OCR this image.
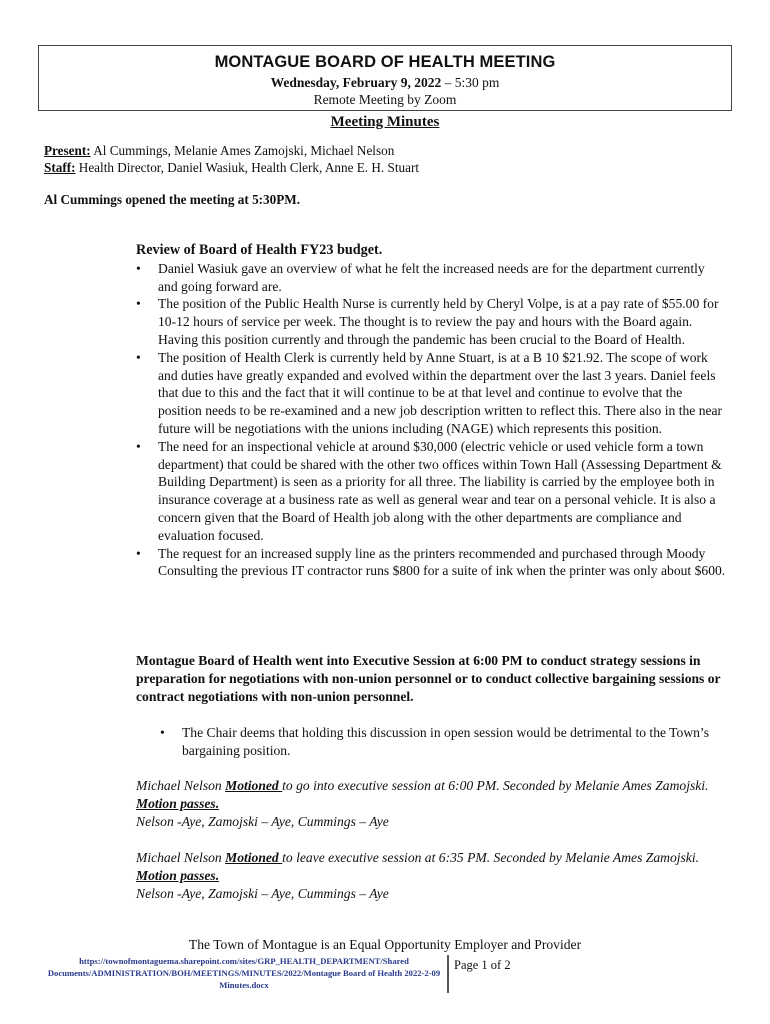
MONTAGUE BOARD OF HEALTH MEETING
Wednesday, February 9, 2022 – 5:30 pm
Remote Meeting by Zoom
Meeting Minutes
Present: Al Cummings, Melanie Ames Zamojski, Michael Nelson
Staff: Health Director, Daniel Wasiuk, Health Clerk, Anne E. H. Stuart
Al Cummings opened the meeting at 5:30PM.
Review of Board of Health FY23 budget.
• Daniel Wasiuk gave an overview of what he felt the increased needs are for the department currently and going forward are.
• The position of the Public Health Nurse is currently held by Cheryl Volpe, is at a pay rate of $55.00 for 10-12 hours of service per week. The thought is to review the pay and hours with the Board again. Having this position currently and through the pandemic has been crucial to the Board of Health.
• The position of Health Clerk is currently held by Anne Stuart, is at a B 10 $21.92. The scope of work and duties have greatly expanded and evolved within the department over the last 3 years. Daniel feels that due to this and the fact that it will continue to be at that level and continue to evolve that the position needs to be re-examined and a new job description written to reflect this. There also in the near future will be negotiations with the unions including (NAGE) which represents this position.
• The need for an inspectional vehicle at around $30,000 (electric vehicle or used vehicle form a town department) that could be shared with the other two offices within Town Hall (Assessing Department & Building Department) is seen as a priority for all three. The liability is carried by the employee both in insurance coverage at a business rate as well as general wear and tear on a personal vehicle. It is also a concern given that the Board of Health job along with the other departments are compliance and evaluation focused.
• The request for an increased supply line as the printers recommended and purchased through Moody Consulting the previous IT contractor runs $800 for a suite of ink when the printer was only about $600.
Montague Board of Health went into Executive Session at 6:00 PM to conduct strategy sessions in preparation for negotiations with non-union personnel or to conduct collective bargaining sessions or contract negotiations with non-union personnel.
•	The Chair deems that holding this discussion in open session would be detrimental to the Town’s bargaining position.
Michael Nelson Motioned to go into executive session at 6:00 PM. Seconded by Melanie Ames Zamojski. Motion passes.
Nelson -Aye, Zamojski – Aye, Cummings – Aye
Michael Nelson Motioned to leave executive session at 6:35 PM. Seconded by Melanie Ames Zamojski. Motion passes.
Nelson -Aye, Zamojski – Aye, Cummings – Aye
The Town of Montague is an Equal Opportunity Employer and Provider
https://townofmontaguema.sharepoint.com/sites/GRP_HEALTH_DEPARTMENT/Shared Documents/ADMINISTRATION/BOH/MEETINGS/MINUTES/2022/Montague Board of Health 2022-2-09 Minutes.docx
Page 1 of 2
